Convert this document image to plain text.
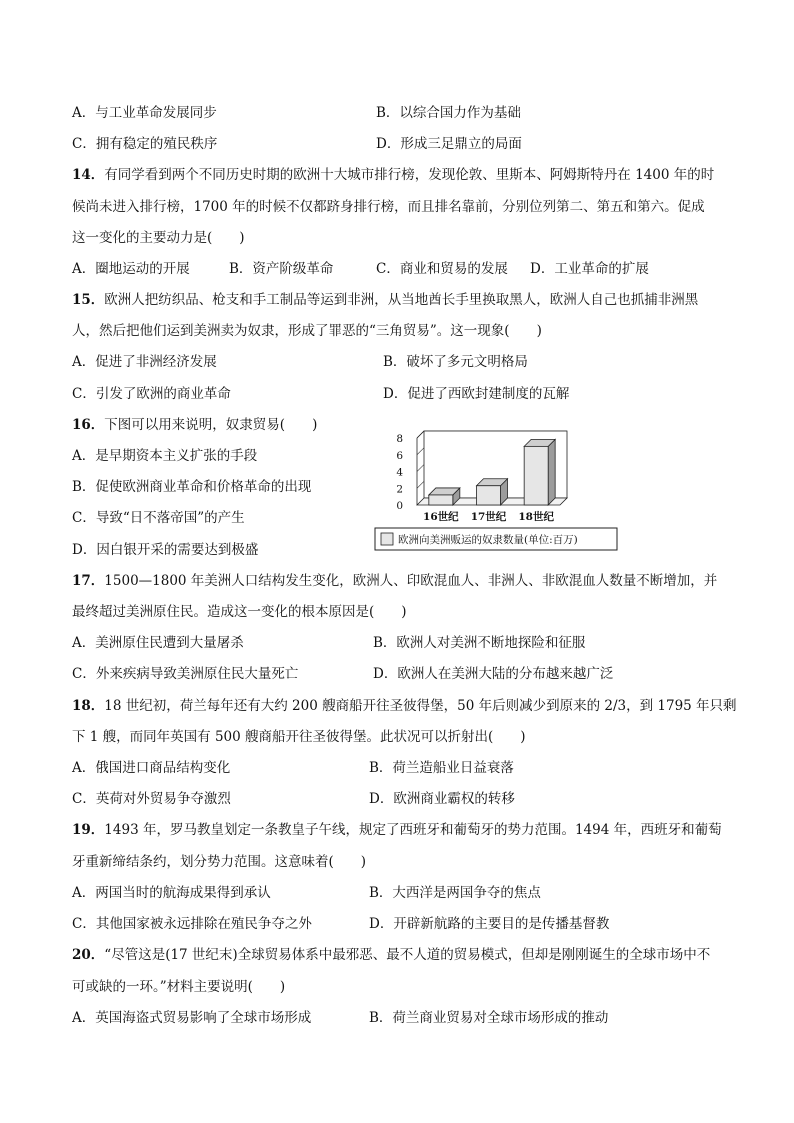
A．与工业革命发展同步	B．以综合国力作为基础
C．拥有稳定的殖民秩序	D．形成三足鼎立的局面
14．有同学看到两个不同历史时期的欧洲十大城市排行榜，发现伦敦、里斯本、阿姆斯特丹在 1400 年的时
候尚未进入排行榜，1700 年的时候不仅都跻身排行榜，而且排名靠前，分别位列第二、第五和第六。促成
这一变化的主要动力是(　　)
A．圈地运动的开展	B．资产阶级革命	C．商业和贸易的发展 D．工业革命的扩展
15．欧洲人把纺织品、枪支和手工制品等运到非洲，从当地酋长手里换取黑人，欧洲人自己也抓捕非洲黑
人，然后把他们运到美洲卖为奴隶，形成了罪恶的“三角贸易”。这一现象(　　)
A．促进了非洲经济发展	B．破坏了多元文明格局
C．引发了欧洲的商业革命	D．促进了西欧封建制度的瓦解
16．下图可以用来说明，奴隶贸易(　　)
A．是早期资本主义扩张的手段
B．促使欧洲商业革命和价格革命的出现
C．导致“日不落帝国”的产生
D．因白银开采的需要达到极盛
0
2
4
6
8
16世纪 17世纪 18世纪
欧洲向美洲贩运的奴隶数量(单位:百万)
17．1500—1800 年美洲人口结构发生变化，欧洲人、印欧混血人、非洲人、非欧混血人数量不断增加，并
最终超过美洲原住民。造成这一变化的根本原因是(　　)
A．美洲原住民遭到大量屠杀	B．欧洲人对美洲不断地探险和征服
C．外来疾病导致美洲原住民大量死亡	D．欧洲人在美洲大陆的分布越来越广泛
18．18 世纪初，荷兰每年还有大约 200 艘商船开往圣彼得堡，50 年后则减少到原来的 2/3，到 1795 年只剩
下 1 艘，而同年英国有 500 艘商船开往圣彼得堡。此状况可以折射出(　　)
A．俄国进口商品结构变化	B．荷兰造船业日益衰落
C．英荷对外贸易争夺激烈	D．欧洲商业霸权的转移
19．1493 年，罗马教皇划定一条教皇子午线，规定了西班牙和葡萄牙的势力范围。1494 年，西班牙和葡萄
牙重新缔结条约，划分势力范围。这意味着(　　)
A．两国当时的航海成果得到承认	B．大西洋是两国争夺的焦点
C．其他国家被永远排除在殖民争夺之外	D．开辟新航路的主要目的是传播基督教
20．“尽管这是(17 世纪末)全球贸易体系中最邪恶、最不人道的贸易模式，但却是刚刚诞生的全球市场中不
可或缺的一环。”材料主要说明(　　)
A．英国海盗式贸易影响了全球市场形成	B．荷兰商业贸易对全球市场形成的推动
